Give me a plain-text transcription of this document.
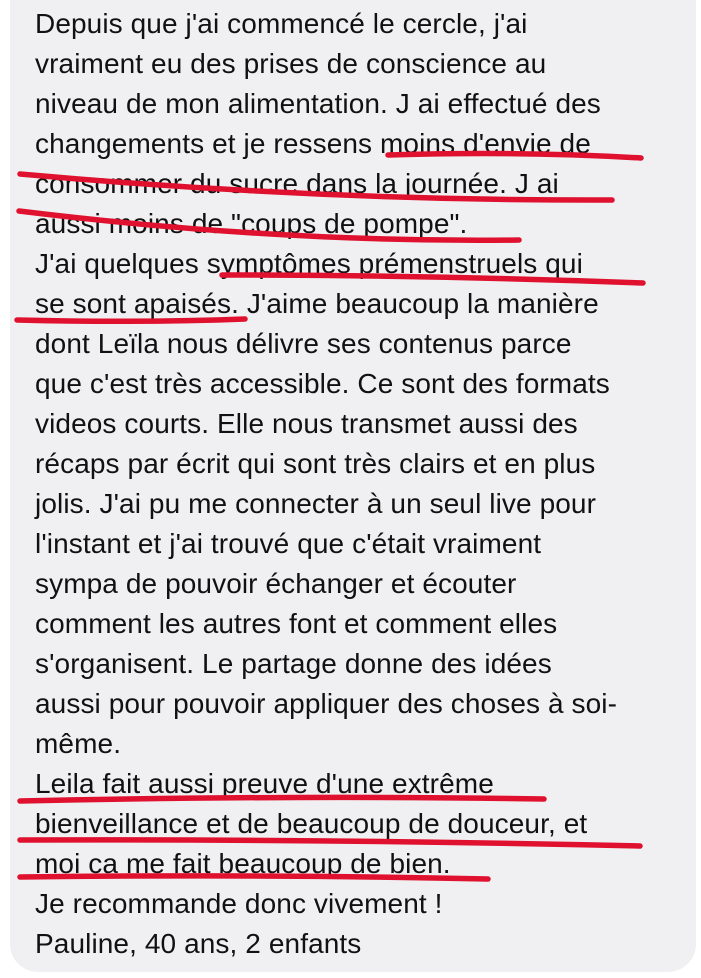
Depuis que j'ai commencé le cercle, j'ai
vraiment eu des prises de conscience au
niveau de mon alimentation. J ai effectué des
changements et je ressens moins d'envie de
consommer du sucre dans la journée. J ai
aussi moins de "coups de pompe".
J'ai quelques symptômes prémenstruels qui
se sont apaisés. J'aime beaucoup la manière
dont Leïla nous délivre ses contenus parce
que c'est très accessible. Ce sont des formats
videos courts. Elle nous transmet aussi des
récaps par écrit qui sont très clairs et en plus
jolis. J'ai pu me connecter à un seul live pour
l'instant et j'ai trouvé que c'était vraiment
sympa de pouvoir échanger et écouter
comment les autres font et comment elles
s'organisent. Le partage donne des idées
aussi pour pouvoir appliquer des choses à soi-
même.
Leila fait aussi preuve d'une extrême
bienveillance et de beaucoup de douceur, et
moi ca me fait beaucoup de bien.
Je recommande donc vivement !
Pauline, 40 ans, 2 enfants
